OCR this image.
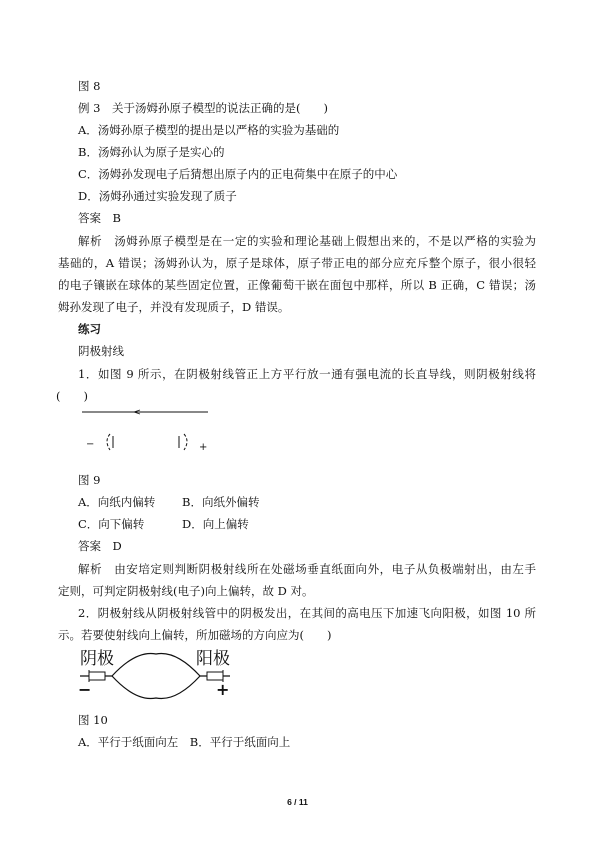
图 8
例 3　关于汤姆孙原子模型的说法正确的是(　　)
A．汤姆孙原子模型的提出是以严格的实验为基础的
B．汤姆孙认为原子是实心的
C．汤姆孙发现电子后猜想出原子内的正电荷集中在原子的中心
D．汤姆孙通过实验发现了质子
答案　B
解析　汤姆孙原子模型是在一定的实验和理论基础上假想出来的，不是以严格的实验为
基础的，A 错误；汤姆孙认为，原子是球体，原子带正电的部分应充斥整个原子，很小很轻
的电子镶嵌在球体的某些固定位置，正像葡萄干嵌在面包中那样，所以 B 正确，C 错误；汤
姆孙发现了电子，并没有发现质子，D 错误。
练习
阴极射线
1．如图 9 所示，在阴极射线管正上方平行放一通有强电流的长直导线，则阴极射线将
(　　)
−	+
图 9
A．向纸内偏转 B．向纸外偏转
C．向下偏转	D．向上偏转
答案　D
解析　由安培定则判断阴极射线所在处磁场垂直纸面向外，电子从负极端射出，由左手
定则，可判定阴极射线(电子)向上偏转，故 D 对。
2．阴极射线从阴极射线管中的阴极发出，在其间的高电压下加速飞向阳极，如图 10 所
示。若要使射线向上偏转，所加磁场的方向应为(　　)
阴极	阳极
−	+
图 10
A．平行于纸面向左　B．平行于纸面向上
6 / 11
